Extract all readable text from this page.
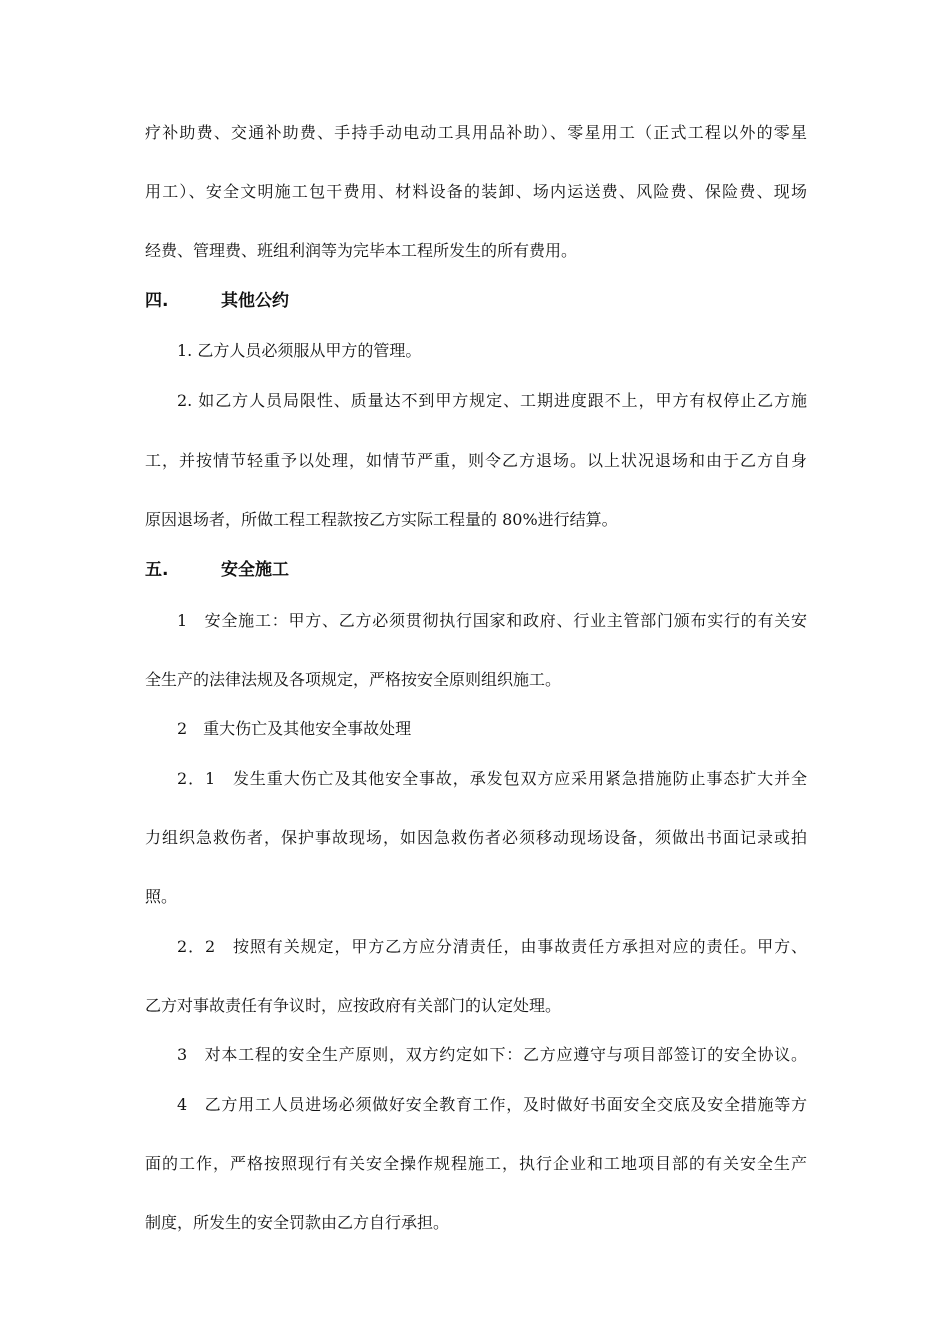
疗补助费、交通补助费、手持手动电动工具用品补助）、零星用工（正式工程以外的零星
用工）、安全文明施工包干费用、材料设备的装卸、场内运送费、风险费、保险费、现场
经费、管理费、班组利润等为完毕本工程所发生的所有费用。
四.	其他公约
1. 乙方人员必须服从甲方的管理。
2. 如乙方人员局限性、质量达不到甲方规定、工期进度跟不上，甲方有权停止乙方施
工，并按情节轻重予以处理，如情节严重，则令乙方退场。以上状况退场和由于乙方自身
原因退场者，所做工程工程款按乙方实际工程量的 80%进行结算。
五.	安全施工
1　安全施工：甲方、乙方必须贯彻执行国家和政府、行业主管部门颁布实行的有关安
全生产的法律法规及各项规定，严格按安全原则组织施工。
2　重大伤亡及其他安全事故处理
2．1　发生重大伤亡及其他安全事故，承发包双方应采用紧急措施防止事态扩大并全
力组织急救伤者，保护事故现场，如因急救伤者必须移动现场设备，须做出书面记录或拍
照。
2．2　按照有关规定，甲方乙方应分清责任，由事故责任方承担对应的责任。甲方、
乙方对事故责任有争议时，应按政府有关部门的认定处理。
3　对本工程的安全生产原则，双方约定如下：乙方应遵守与项目部签订的安全协议。
4　乙方用工人员进场必须做好安全教育工作，及时做好书面安全交底及安全措施等方
面的工作，严格按照现行有关安全操作规程施工，执行企业和工地项目部的有关安全生产
制度，所发生的安全罚款由乙方自行承担。
